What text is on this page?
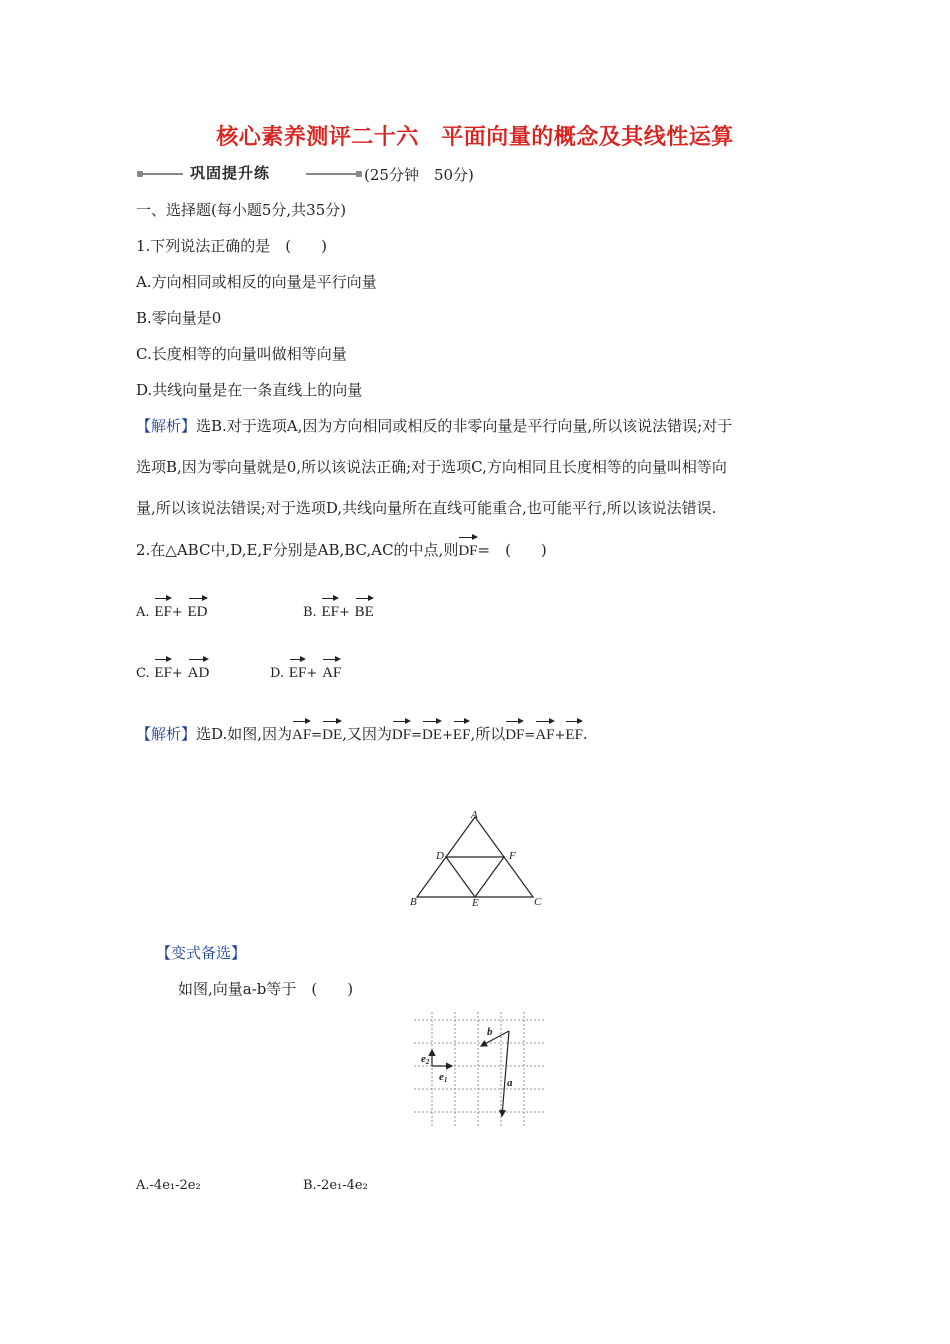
核心素养测评二十六　平面向量的概念及其线性运算
巩固提升练	(25分钟　50分)
一、选择题(每小题5分,共35分)
1.下列说法正确的是　(　　)
A.方向相同或相反的向量是平行向量
B.零向量是0
C.长度相等的向量叫做相等向量
D.共线向量是在一条直线上的向量
【解析】选B.对于选项A,因为方向相同或相反的非零向量是平行向量,所以该说法错误;对于
选项B,因为零向量就是0,所以该说法正确;对于选项C,方向相同且长度相等的向量叫相等向
量,所以该说法错误;对于选项D,共线向量所在直线可能重合,也可能平行,所以该说法错误.
2.在△ABC中,D,E,F分别是AB,BC,AC的中点,则DF=　(　　)
A. EF+ ED	B. EF+ BE
C. EF+ AD	D. EF+ AF
【解析】选D.如图,因为AF=DE,又因为DF=DE+EF,所以DF=AF+EF.
A
B	C
D	F
E
【变式备选】
如图,向量a-b等于　(　　)
b
a
e2
e1
A.-4e₁-2e₂	B.-2e₁-4e₂
